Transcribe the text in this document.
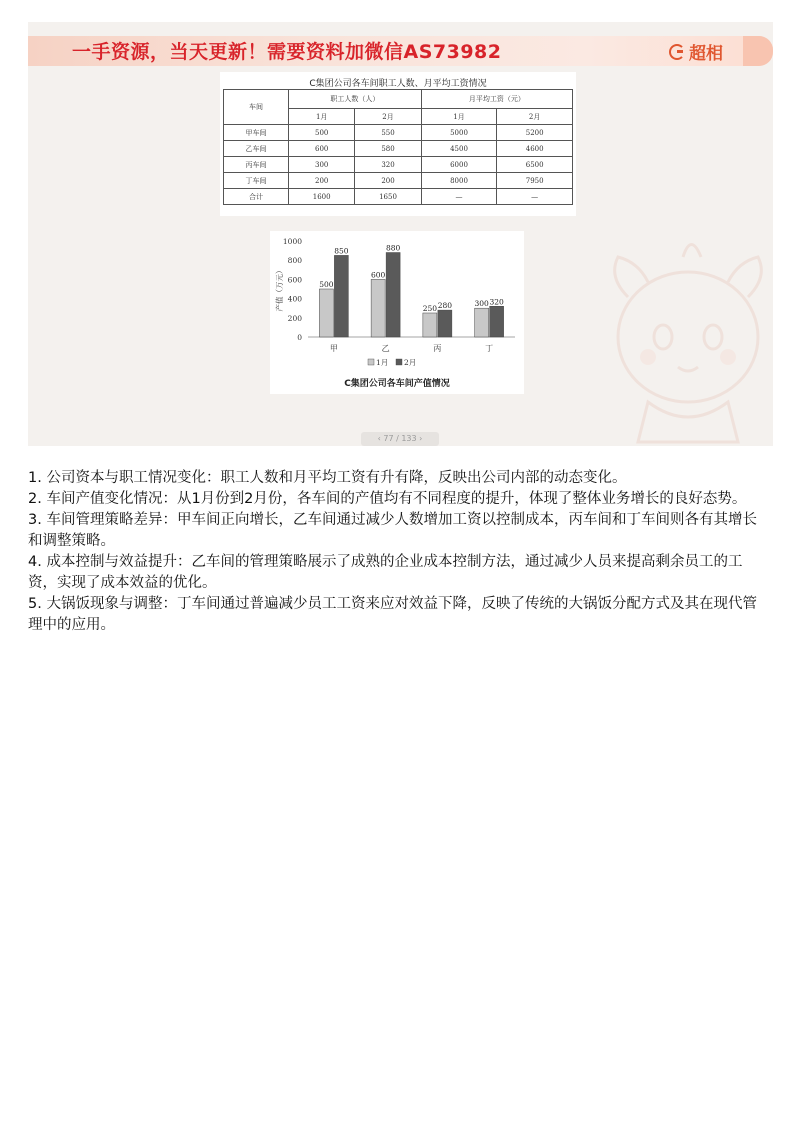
一手资源，当天更新！需要资料加微信AS73982	超相
C集团公司各车间职工人数、月平均工资情况
车间	职工人数（人）		月平均工资（元）	
	1月	2月	1月	2月
甲车间	500	550	5000	5200
乙车间	600	580	4500	4600
丙车间	300	320	6000	6500
丁车间	200	200	8000	7950
合计	1600	1650	—	—
0
200
400
600
800
1000
产值（万元）	500
850
甲
600
880
乙
250 280
丙
300 320
丁
1月 2月
C集团公司各车间产值情况
‹ 77 / 133 ›

1. 公司资本与职工情况变化：职工人数和月平均工资有升有降，反映出公司内部的动态变化。

2. 车间产值变化情况：从1月份到2月份，各车间的产值均有不同程度的提升，体现了整体业务增长的良好态势。

3. 车间管理策略差异：甲车间正向增长，乙车间通过减少人数增加工资以控制成本，丙车间和丁车间则各有其增长和调整策略。

4. 成本控制与效益提升：乙车间的管理策略展示了成熟的企业成本控制方法，通过减少人员来提高剩余员工的工资，实现了成本效益的优化。

5. 大锅饭现象与调整：丁车间通过普遍减少员工工资来应对效益下降，反映了传统的大锅饭分配方式及其在现代管理中的应用。
